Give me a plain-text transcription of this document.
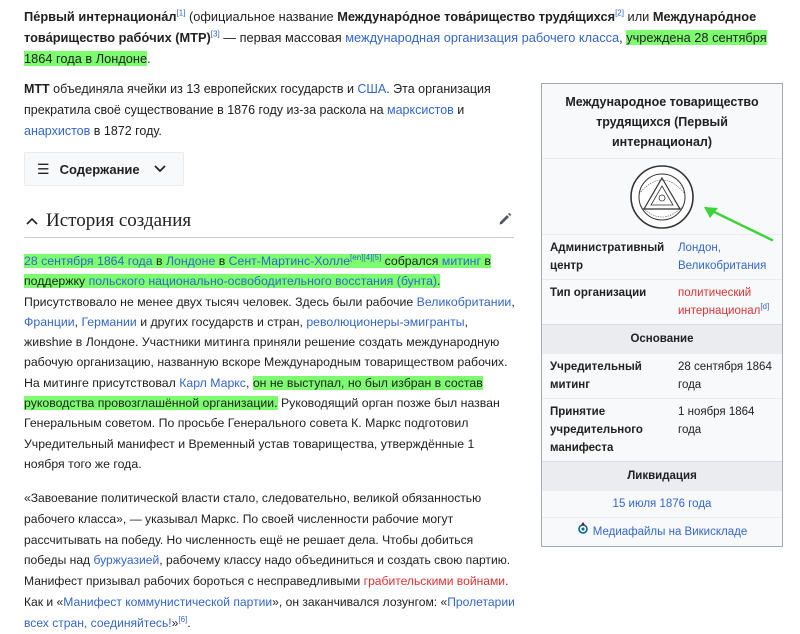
Пе́рвый интернациона́л[1] (официальное название Междунаро́дное това́рищество трудя́щихся[2] или Междунаро́дное това́рищество рабо́чих (МТР)[3] — первая массовая международная организация рабочего класса, учреждена 28 сентября 1864 года в Лондоне.
МТТ объединяла ячейки из 13 европейских государств и США. Эта организация прекратила своё существование в 1876 году из-за раскола на марксистов и анархистов в 1872 году.
☰ Содержание
История создания
28 сентября 1864 года в Лондоне в Сент-Мартинс-Холле[en][4][5] собрался митинг в поддержку польского национально-освободительного восстания (бунта). Присутствовало не менее двух тысяч человек. Здесь были рабочие Великобритании, Франции, Германии и других государств и стран, революционеры-эмигранты, живshие в Лондоне. Участники митинга приняли решение создать международную рабочую организацию, названную вскоре Международным товариществом рабочих. На митинге присутствовал Карл Маркс, он не выступал, но был избран в состав руководства провозглашённой организации. Руководящий орган позже был назван Генеральным советом. По просьбе Генерального совета К. Маркс подготовил Учредительный манифест и Временный устав товарищества, утверждённые 1 ноября того же года.
«Завоевание политической власти стало, следовательно, великой обязанностью рабочего класса», — указывал Маркс. По своей численности рабочие могут рассчитывать на победу. Но численность ещё не решает дела. Чтобы добиться победы над буржуазией, рабочему классу надо объединиться и создать свою партию. Манифест призывал рабочих бороться с несправедливыми грабительскими войнами. Как и «Манифест коммунистической партии», он заканчивался лозунгом: «Пролетарии всех стран, соединяйтесь!»[6].
Международное товарищество трудящихся (Первый интернационал)
Административный центр
Лондон, Великобритания
Тип организации	политический интернационал[d]
Основание
Учредительный митинг
28 сентября 1864 года
Принятие учредительного манифеста
1 ноября 1864 года
Ликвидация
15 июля 1876 года
Медиафайлы на Викискладе
